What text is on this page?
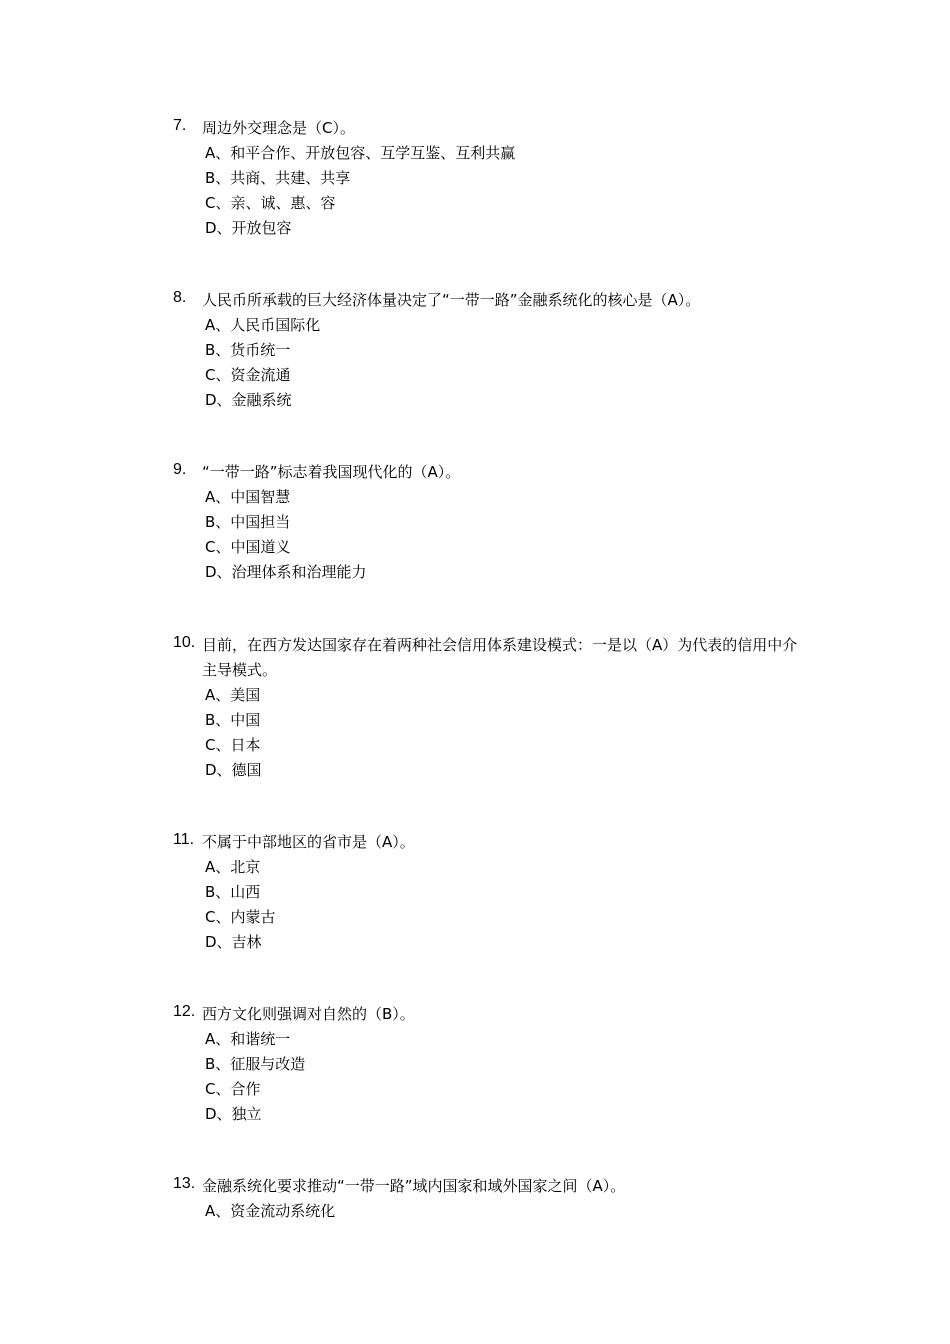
7. 周边外交理念是（C）。
A、和平合作、开放包容、互学互鉴、互利共赢
B、共商、共建、共享
C、亲、诚、惠、容
D、开放包容
8. 人民币所承载的巨大经济体量决定了“一带一路”金融系统化的核心是（A）。
A、人民币国际化
B、货币统一
C、资金流通
D、金融系统
9. “一带一路”标志着我国现代化的（A）。
A、中国智慧
B、中国担当
C、中国道义
D、治理体系和治理能力
10. 目前，在西方发达国家存在着两种社会信用体系建设模式：一是以（A）为代表的信用中介主导模式。
A、美国
B、中国
C、日本
D、德国
11. 不属于中部地区的省市是（A）。
A、北京
B、山西
C、内蒙古
D、吉林
12. 西方文化则强调对自然的（B）。
A、和谐统一
B、征服与改造
C、合作
D、独立
13. 金融系统化要求推动“一带一路”域内国家和域外国家之间（A）。
A、资金流动系统化
